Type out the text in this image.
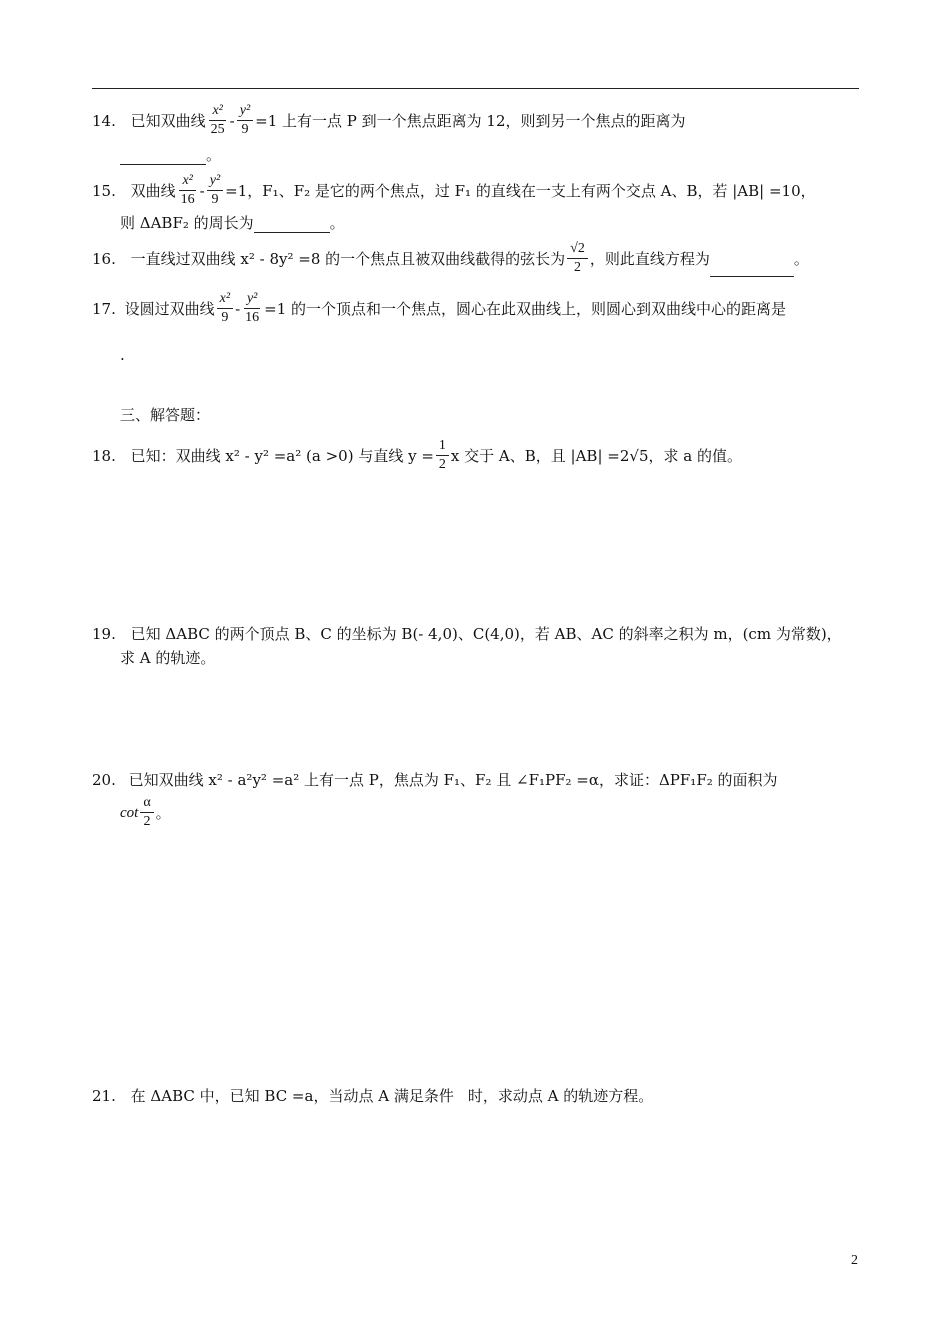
14. 已知双曲线 $\frac{\text{x²}}{25} - \frac{\text{y²}}{9} =1$ 上有一点 P 到一个焦点距离为 12，则到另一个焦点的距离为
。
15. 双曲线 $\frac{\text{x²}}{16} - \frac{\text{y²}}{9} =1$，F₁、F₂ 是它的两个焦点，过 F₁ 的直线在一支上有两个交点 A、B，若 |AB| =10，
则 ΔABF₂ 的周长为	。
16. 一直线过双曲线 x² - 8y² =8 的一个焦点且被双曲线截得的弦长为 $\frac{√2}{2}$ ，则此直线方程为	。
17. 设圆过双曲线 $\frac{\text{x²}}{9} - \frac{\text{y²}}{16} =1$ 的一个顶点和一个焦点，圆心在此双曲线上，则圆心到双曲线中心的距离是
.
三、解答题：
18. 已知：双曲线 x² - y² =a² (a >0) 与直线 $y = \frac{1}{2}$ x 交于 A、B，且 |AB| =2√5，求 a 的值。
19. 已知 ΔABC 的两个顶点 B、C 的坐标为 B(- 4,0)、C(4,0)，若 AB、AC 的斜率之积为 m，(cm 为常数)，
求 A 的轨迹。
20. 已知双曲线 x² - a²y² =a² 上有一点 P，焦点为 F₁、F₂ 且 ∠F₁PF₂ =α，求证：ΔPF₁F₂ 的面积为
$\cot \frac{\alpha}{2}$ 。
21. 在 ΔABC 中，已知 BC =a，当动点 A 满足条件 时，求动点 A 的轨迹方程。
2
